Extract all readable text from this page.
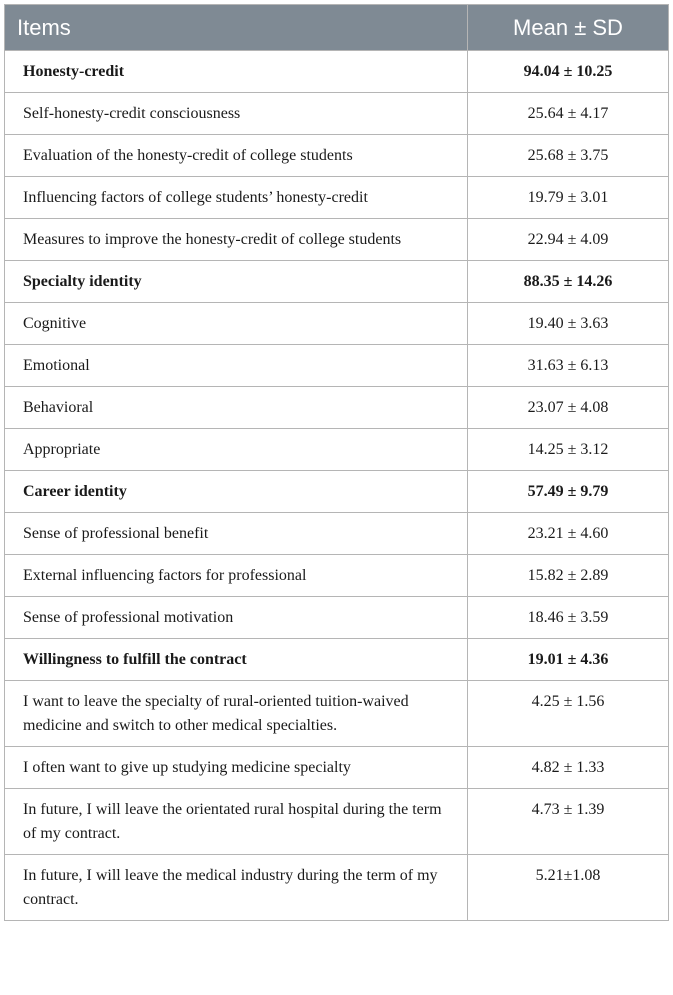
Items	Mean ± SD
Honesty-credit	94.04 ± 10.25
Self-honesty-credit consciousness	25.64 ± 4.17
Evaluation of the honesty-credit of college students	25.68 ± 3.75
Influencing factors of college students’ honesty-credit	19.79 ± 3.01
Measures to improve the honesty-credit of college students	22.94 ± 4.09
Specialty identity	88.35 ± 14.26
Cognitive	19.40 ± 3.63
Emotional	31.63 ± 6.13
Behavioral	23.07 ± 4.08
Appropriate	14.25 ± 3.12
Career identity	57.49 ± 9.79
Sense of professional benefit	23.21 ± 4.60
External influencing factors for professional	15.82 ± 2.89
Sense of professional motivation	18.46 ± 3.59
Willingness to fulfill the contract	19.01 ± 4.36
I want to leave the specialty of rural-oriented tuition-waived medicine and switch to other medical specialties.	4.25 ± 1.56
I often want to give up studying medicine specialty	4.82 ± 1.33
In future, I will leave the orientated rural hospital during the term of my contract.	4.73 ± 1.39
In future, I will leave the medical industry during the term of my contract.	5.21±1.08
